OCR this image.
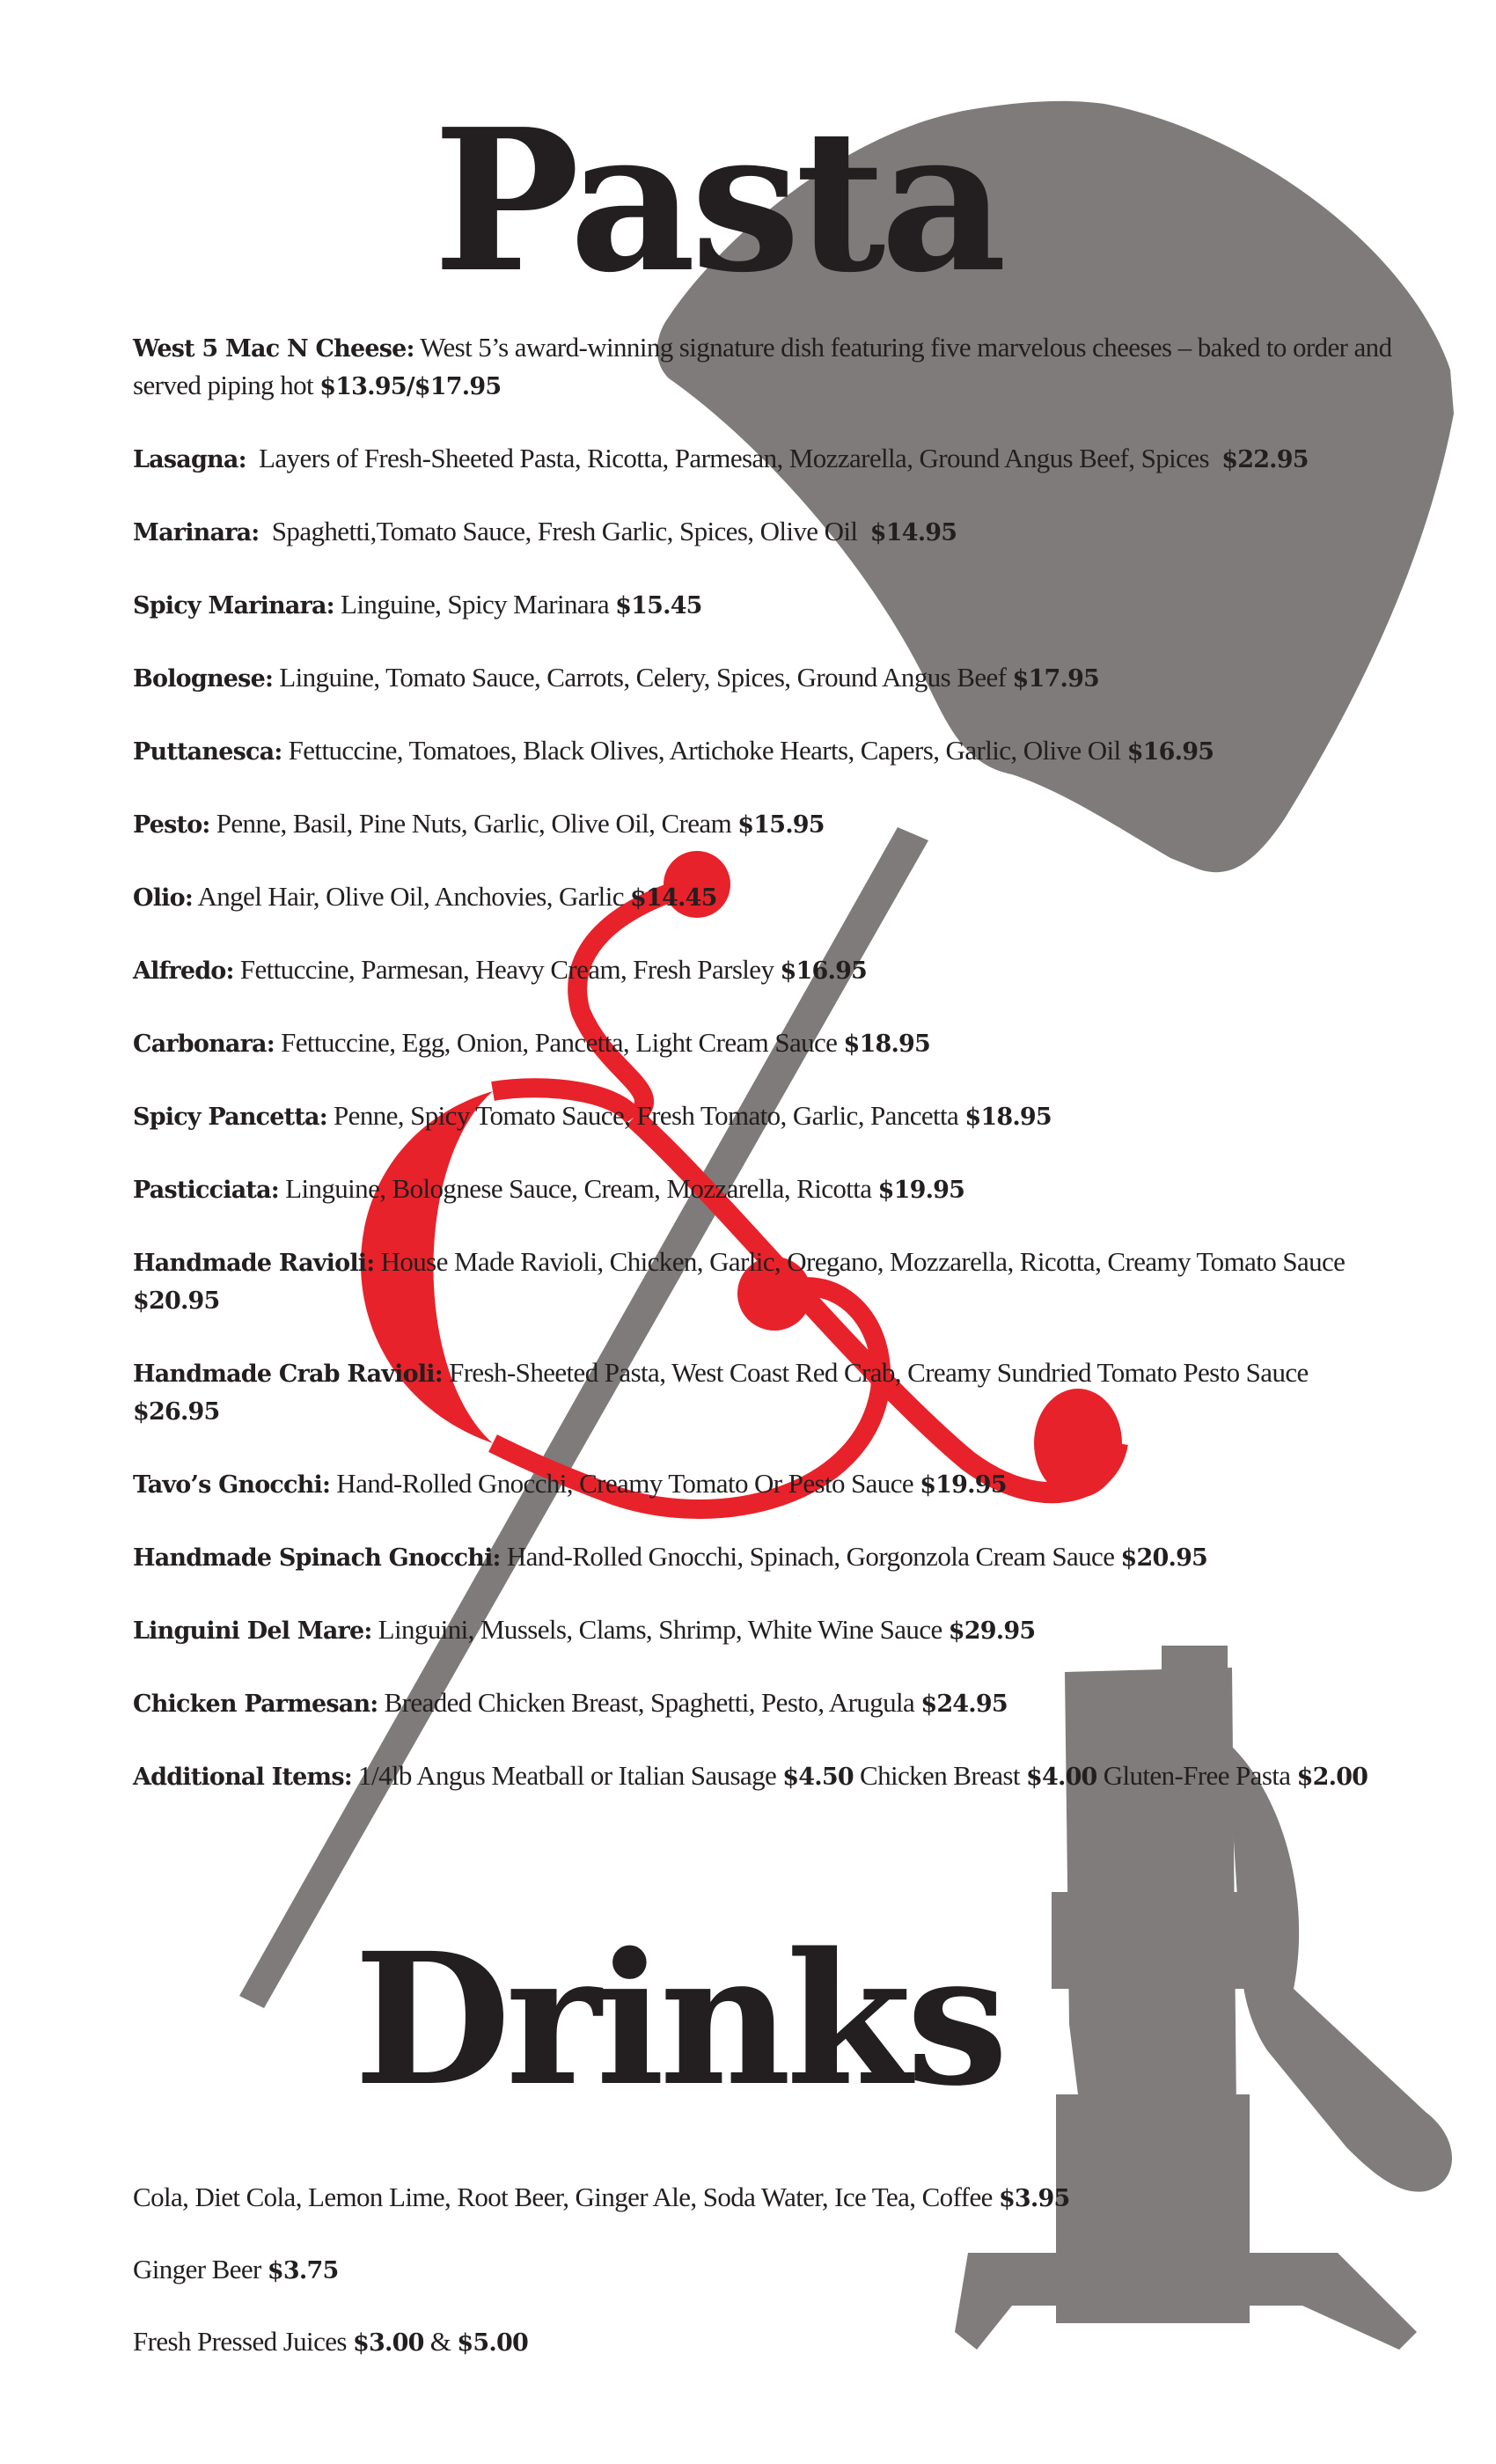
Pasta

West 5 Mac N Cheese: West 5’s award-winning signature dish featuring five marvelous cheeses – baked to order and served piping hot $13.95/$17.95

Lasagna:  Layers of Fresh-Sheeted Pasta, Ricotta, Parmesan, Mozzarella, Ground Angus Beef, Spices  $22.95

Marinara:  Spaghetti,Tomato Sauce, Fresh Garlic, Spices, Olive Oil  $14.95

Spicy Marinara: Linguine, Spicy Marinara $15.45

Bolognese: Linguine, Tomato Sauce, Carrots, Celery, Spices, Ground Angus Beef $17.95

Puttanesca: Fettuccine, Tomatoes, Black Olives, Artichoke Hearts, Capers, Garlic, Olive Oil $16.95

Pesto: Penne, Basil, Pine Nuts, Garlic, Olive Oil, Cream $15.95

Olio: Angel Hair, Olive Oil, Anchovies, Garlic $14.45

Alfredo: Fettuccine, Parmesan, Heavy Cream, Fresh Parsley $16.95

Carbonara: Fettuccine, Egg, Onion, Pancetta, Light Cream Sauce $18.95

Spicy Pancetta: Penne, Spicy Tomato Sauce, Fresh Tomato, Garlic, Pancetta $18.95

Pasticciata: Linguine, Bolognese Sauce, Cream, Mozzarella, Ricotta $19.95

Handmade Ravioli: House Made Ravioli, Chicken, Garlic, Oregano, Mozzarella, Ricotta, Creamy Tomato Sauce $20.95

Handmade Crab Ravioli: Fresh-Sheeted Pasta, West Coast Red Crab, Creamy Sundried Tomato Pesto Sauce $26.95

Tavo’s Gnocchi: Hand-Rolled Gnocchi, Creamy Tomato Or Pesto Sauce $19.95

Handmade Spinach Gnocchi: Hand-Rolled Gnocchi, Spinach, Gorgonzola Cream Sauce $20.95

Linguini Del Mare: Linguini, Mussels, Clams, Shrimp, White Wine Sauce $29.95

Chicken Parmesan: Breaded Chicken Breast, Spaghetti, Pesto, Arugula $24.95

Additional Items: 1/4lb Angus Meatball or Italian Sausage $4.50 Chicken Breast $4.00 Gluten-Free Pasta $2.00

Drinks

Cola, Diet Cola, Lemon Lime, Root Beer, Ginger Ale, Soda Water, Ice Tea, Coffee $3.95

Ginger Beer $3.75

Fresh Pressed Juices $3.00 & $5.00
